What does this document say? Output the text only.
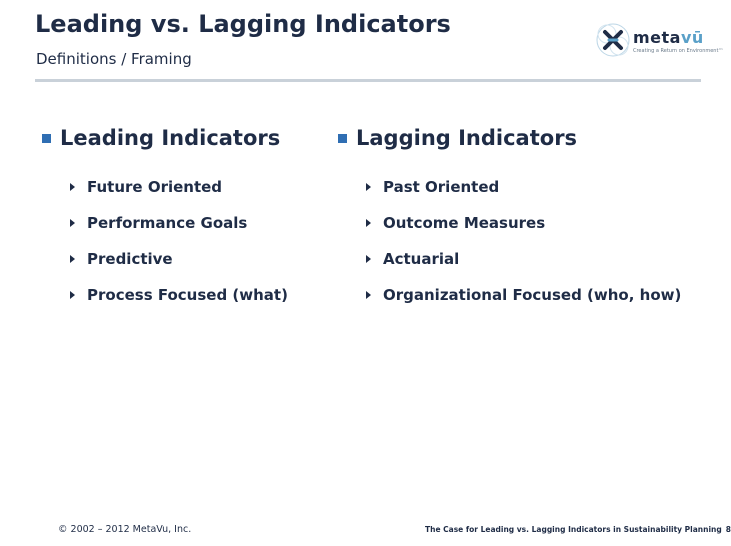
Leading vs. Lagging Indicators
Definitions / Framing
metavū
Creating a Return on Environment™
Leading Indicators
Future Oriented
Performance Goals
Predictive
Process Focused (what)
Lagging Indicators
Past Oriented
Outcome Measures
Actuarial
Organizational Focused (who, how)
© 2002 – 2012 MetaVu, Inc.	The Case for Leading vs. Lagging Indicators in Sustainability Planning 8
